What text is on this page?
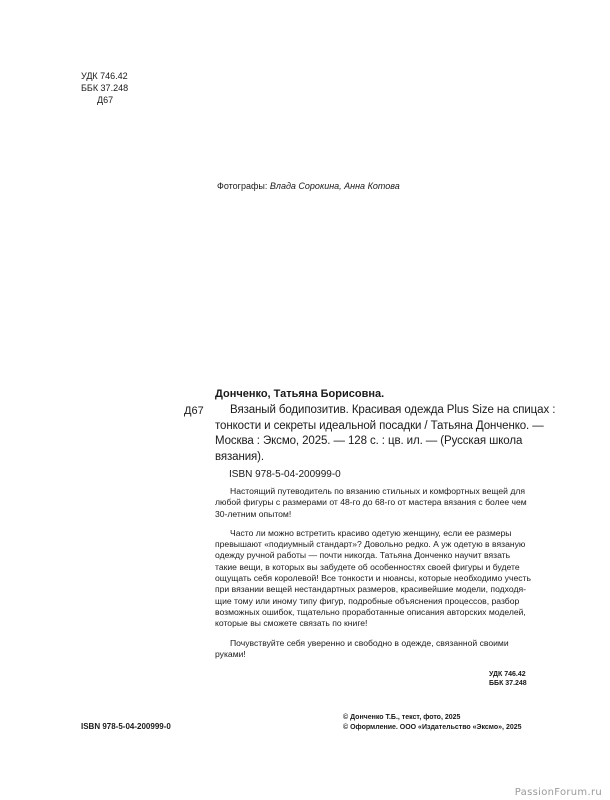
УДК 746.42
ББК 37.248
Д67
Фотографы: Влада Сорокина, Анна Котова
Донченко, Татьяна Борисовна.
Д67	Вязаный бодипозитив. Красивая одежда Plus Size на спицах :
тонкости и секреты идеальной посадки / Татьяна Донченко. —
Москва : Эксмо, 2025. — 128 с. : цв. ил. — (Русская школа
вязания).
ISBN 978-5-04-200999-0

Настоящий путеводитель по вязанию стильных и комфортных вещей для
любой фигуры с размерами от 48-го до 68-го от мастера вязания с более чем
30-летним опытом!

Часто ли можно встретить красиво одетую женщину, если ее размеры
превышают «подиумный стандарт»? Довольно редко. А уж одетую в вязаную
одежду ручной работы — почти никогда. Татьяна Донченко научит вязать
такие вещи, в которых вы забудете об особенностях своей фигуры и будете
ощущать себя королевой! Все тонкости и нюансы, которые необходимо учесть
при вязании вещей нестандартных размеров, красивейшие модели, подходя-
щие тому или иному типу фигур, подробные объяснения процессов, разбор
возможных ошибок, тщательно проработанные описания авторских моделей,
которые вы сможете связать по книге!

Почувствуйте себя уверенно и свободно в одежде, связанной своими
руками!

УДК 746.42
ББК 37.248
ISBN 978-5-04-200999-0
© Донченко Т.Б., текст, фото, 2025
© Оформление. ООО «Издательство «Эксмо», 2025
PassionForum.ru
